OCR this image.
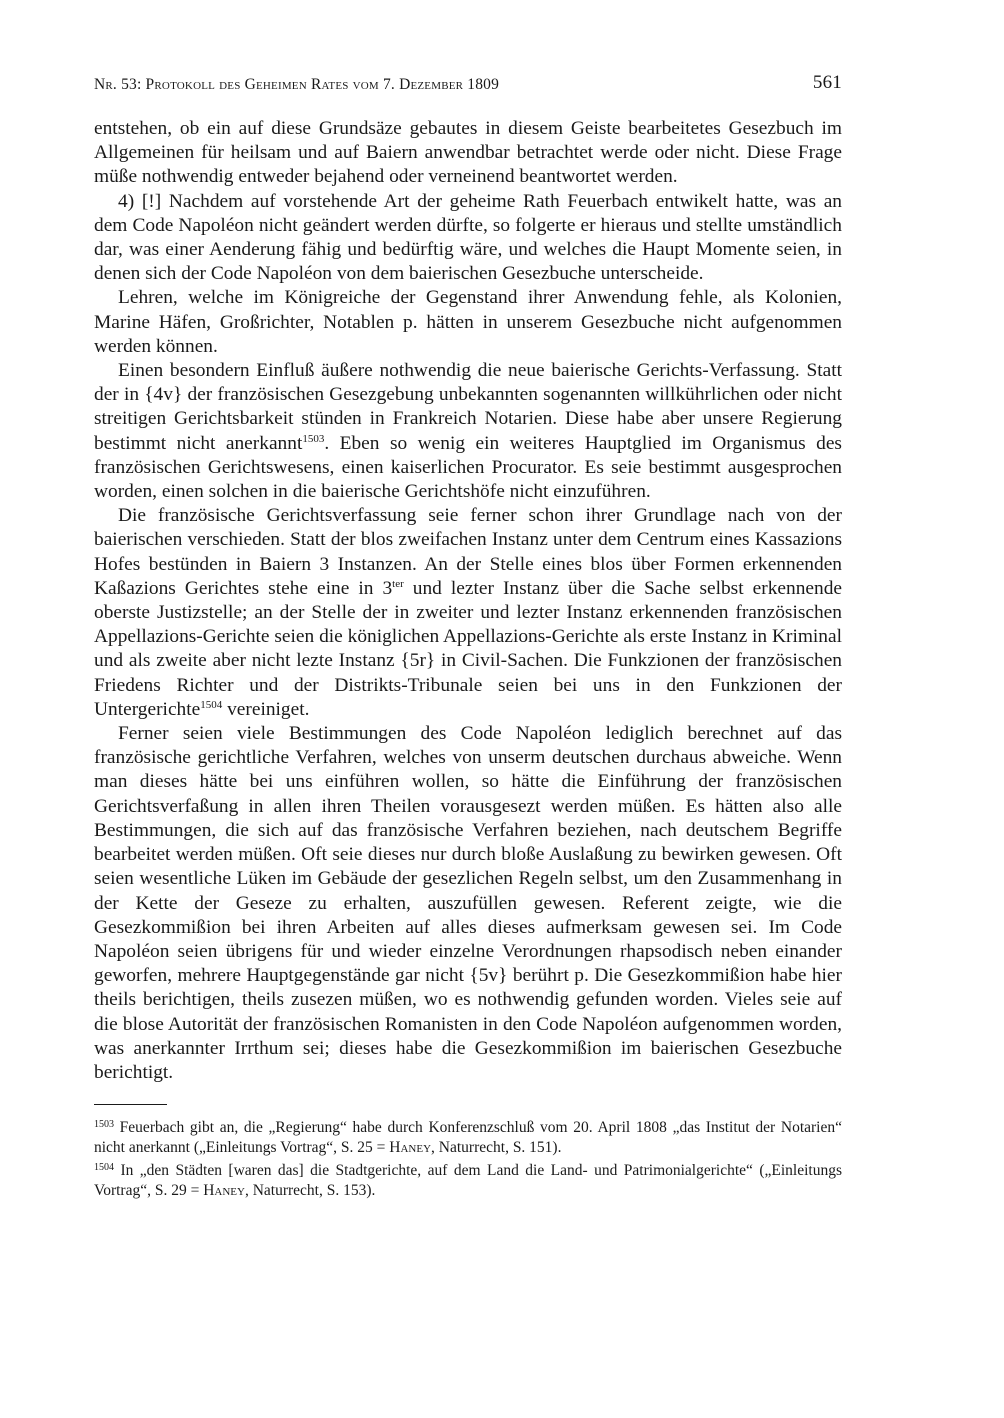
Nr. 53: Protokoll des Geheimen Rates vom 7. Dezember 1809	561

entstehen, ob ein auf diese Grundsäze gebautes in diesem Geiste bearbeitetes Gesezbuch im Allgemeinen für heilsam und auf Baiern anwendbar betrachtet werde oder nicht. Diese Frage müße nothwendig entweder bejahend oder verneinend beantwortet werden.

4) [!] Nachdem auf vorstehende Art der geheime Rath Feuerbach entwikelt hatte, was an dem Code Napoléon nicht geändert werden dürfte, so folgerte er hieraus und stellte umständlich dar, was einer Aenderung fähig und bedürftig wäre, und welches die Haupt Momente seien, in denen sich der Code Napoléon von dem baierischen Gesezbuche unterscheide.

Lehren, welche im Königreiche der Gegenstand ihrer Anwendung fehle, als Kolonien, Marine Häfen, Großrichter, Notablen p. hätten in unserem Gesezbuche nicht aufgenommen werden können.

Einen besondern Einfluß äußere nothwendig die neue baierische Gerichts-Verfassung. Statt der in {4v} der französischen Gesezgebung unbekannten sogenannten willkührlichen oder nicht streitigen Gerichtsbarkeit stünden in Frankreich Notarien. Diese habe aber unsere Regierung bestimmt nicht anerkannt$^{1503}$. Eben so wenig ein weiteres Hauptglied im Organismus des französischen Gerichtswesens, einen kaiserlichen Procurator. Es seie bestimmt ausgesprochen worden, einen solchen in die baierische Gerichtshöfe nicht einzuführen.

Die französische Gerichtsverfassung seie ferner schon ihrer Grundlage nach von der baierischen verschieden. Statt der blos zweifachen Instanz unter dem Centrum eines Kassazions Hofes bestünden in Baiern 3 Instanzen. An der Stelle eines blos über Formen erkennenden Kaßazions Gerichtes stehe eine in $3^{ter}$ und lezter Instanz über die Sache selbst erkennende oberste Justizstelle; an der Stelle der in zweiter und lezter Instanz erkennenden französischen Appellazions-Gerichte seien die königlichen Appellazions-Gerichte als erste Instanz in Kriminal und als zweite aber nicht lezte Instanz {5r} in Civil-Sachen. Die Funkzionen der französischen Friedens Richter und der Distrikts-Tribunale seien bei uns in den Funkzionen der Untergerichte$^{1504}$ vereiniget.

Ferner seien viele Bestimmungen des Code Napoléon lediglich berechnet auf das französische gerichtliche Verfahren, welches von unserm deutschen durchaus abweiche. Wenn man dieses hätte bei uns einführen wollen, so hätte die Einführung der französischen Gerichtsverfaßung in allen ihren Theilen vorausgesezt werden müßen. Es hätten also alle Bestimmungen, die sich auf das französische Verfahren beziehen, nach deutschem Begriffe bearbeitet werden müßen. Oft seie dieses nur durch bloße Auslaßung zu bewirken gewesen. Oft seien wesentliche Lüken im Gebäude der gesezlichen Regeln selbst, um den Zusammenhang in der Kette der Geseze zu erhalten, auszufüllen gewesen. Referent zeigte, wie die Gesezkommißion bei ihren Arbeiten auf alles dieses aufmerksam gewesen sei. Im Code Napoléon seien übrigens für und wieder einzelne Verordnungen rhapsodisch neben einander geworfen, mehrere Hauptgegenstände gar nicht {5v} berührt p. Die Gesezkommißion habe hier theils berichtigen, theils zusezen müßen, wo es nothwendig gefunden worden. Vieles seie auf die blose Autorität der französischen Romanisten in den Code Napoléon aufgenommen worden, was anerkannter Irrthum sei; dieses habe die Gesezkommißion im baierischen Gesezbuche berichtigt.

$^{1503}$ Feuerbach gibt an, die „Regierung“ habe durch Konferenzschluß vom 20. April 1808 „das Institut der Notarien“ nicht anerkannt („Einleitungs Vortrag“, S. 25 = Haney, Naturrecht, S. 151).
$^{1504}$ In „den Städten [waren das] die Stadtgerichte, auf dem Land die Land- und Patrimonialgerichte“ („Einleitungs Vortrag“, S. 29 = Haney, Naturrecht, S. 153).
